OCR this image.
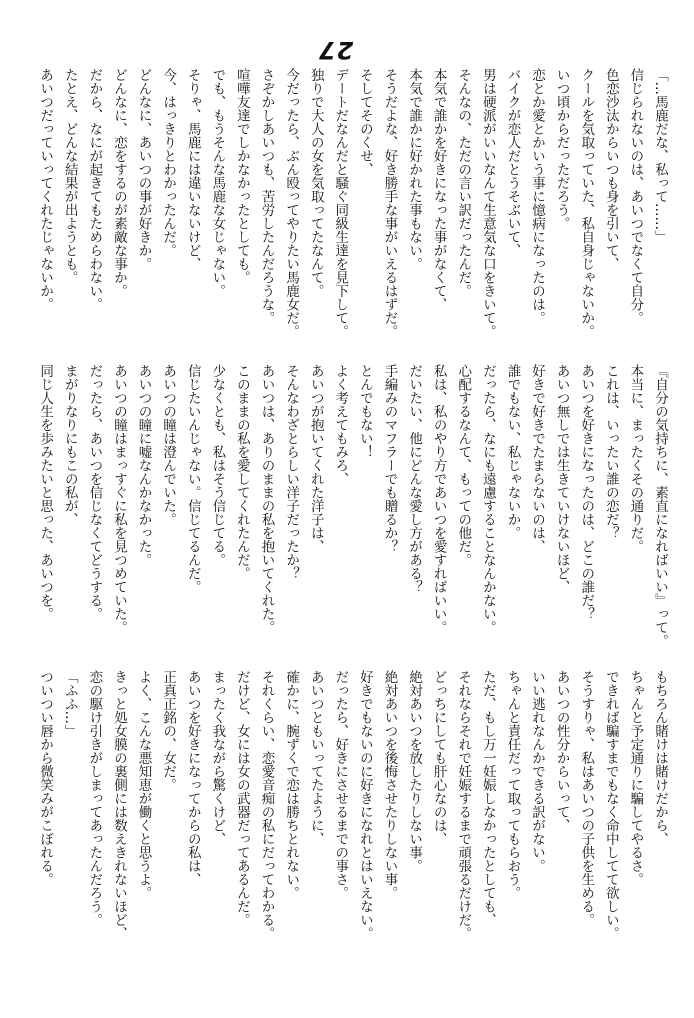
27
「…馬鹿だな、私って……」
信じられないのは、あいつでなくて自分。
色恋沙汰からいつも身を引いて、
クールを気取っていた、私自身じゃないか。
いつ頃からだっただろう。
恋とか愛とかいう事に憶病になったのは。
バイクが恋人だとうそぶいて、
男は硬派がいいなんて生意気な口をきいて。
そんなの、ただの言い訳だったんだ。
本気で誰かを好きになった事がなくて、
本気で誰かに好かれた事もない。
そうだよな、好き勝手な事がいえるはずだ。
そしてそのくせ、
デートだなんだと騒ぐ同級生達を見下して。
独りで大人の女を気取ってたなんて。
今だったら、ぶん殴ってやりたい馬鹿女だ。
さぞかしあいつも、苦労したんだろうな。
喧嘩友達でしかなかったとしても。
でも、もうそんな馬鹿な女じゃない。
そりゃ、馬鹿には違いないけど、
今、はっきりとわかったんだ。
どんなに、あいつの事が好きか。
どんなに、恋をするのが素敵な事か。
だから、なにが起きてもためらわない。
たとえ、どんな結果が出ようとも。
あいつだっていってくれたじゃないか。
『自分の気持ちに、素直になればいい』って。
本当に、まったくその通りだ。
これは、いったい誰の恋だ？
あいつを好きになったのは、どこの誰だ？
あいつ無しでは生きていけないほど、
好きで好きでたまらないのは、
誰でもない、私じゃないか。
だったら、なにも遠慮することなんかない。
心配するなんて、もっての他だ。
私は、私のやり方であいつを愛すればいい。
だいたい、他にどんな愛し方がある？
手編みのマフラーでも贈るか？
とんでもない！
よく考えてもみろ、
あいつが抱いてくれた洋子は、
そんなわざとらしい洋子だったか？
あいつは、ありのままの私を抱いてくれた。
このままの私を愛してくれたんだ。
少なくとも、私はそう信じてる。
信じたいんじゃない。信じてるんだ。
あいつの瞳は澄んでいた。
あいつの瞳に嘘なんかなかった。
あいつの瞳はまっすぐに私を見つめていた。
だったら、あいつを信じなくてどうする。
まがりなりにもこの私が、
同じ人生を歩みたいと思った、あいつを。
もちろん賭けは賭けだから、
ちゃんと予定通りに騙してやるさ。
できれば騙すまでもなく命中してて欲しい。
そうすりゃ、私はあいつの子供を生める。
あいつの性分からいって、
いい逃れなんかできる訳がない。
ちゃんと責任だって取ってもらおう。
ただ、もし万一妊娠しなかったとしても、
それならそれで妊娠するまで頑張るだけだ。
どっちにしても肝心なのは、
絶対あいつを放したりしない事。
絶対あいつを後悔させたりしない事。
好きでもないのに好きになれとはいえない。
だったら、好きにさせるまでの事さ。
あいつともいってたように、
確かに、腕ずくで恋は勝ちとれない。
それくらい、恋愛音痴の私にだってわかる。
だけど、女には女の武器だってあるんだ。
まったく我ながら驚くけど、
あいつを好きになってからの私は、
正真正銘の、女だ。
よく、こんな悪知恵が働くと思うよ。
きっと処女膜の裏側には数えきれないほど、
恋の駆け引きがしまってあったんだろう。
「ふふ…」
ついつい唇から微笑みがこぼれる。
